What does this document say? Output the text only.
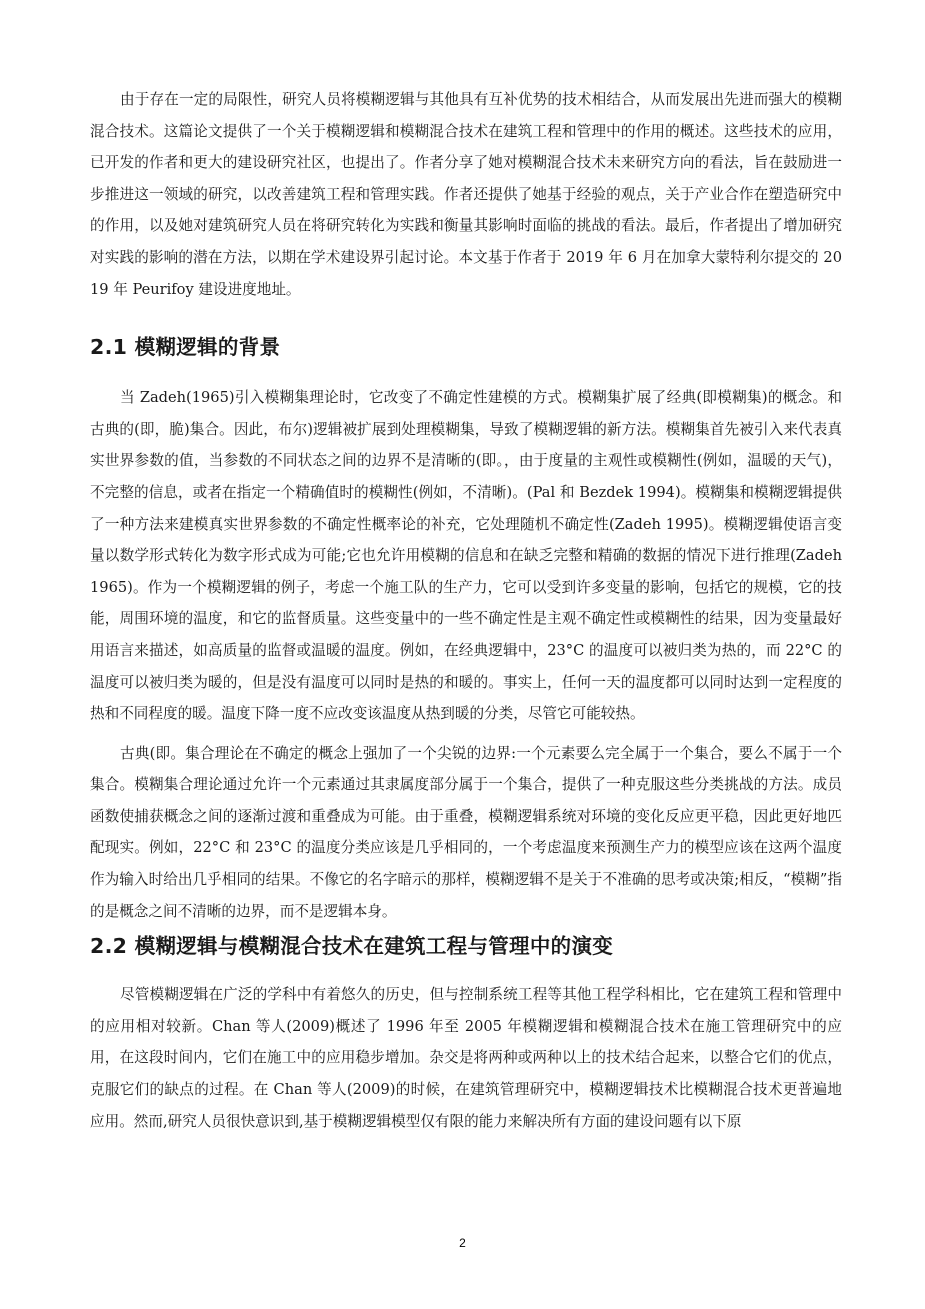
由于存在一定的局限性，研究人员将模糊逻辑与其他具有互补优势的技术相结合，从而发展出先进而强大的模糊混合技术。这篇论文提供了一个关于模糊逻辑和模糊混合技术在建筑工程和管理中的作用的概述。这些技术的应用，已开发的作者和更大的建设研究社区，也提出了。作者分享了她对模糊混合技术未来研究方向的看法，旨在鼓励进一步推进这一领域的研究，以改善建筑工程和管理实践。作者还提供了她基于经验的观点，关于产业合作在塑造研究中的作用，以及她对建筑研究人员在将研究转化为实践和衡量其影响时面临的挑战的看法。最后，作者提出了增加研究对实践的影响的潜在方法，以期在学术建设界引起讨论。本文基于作者于 2019 年 6 月在加拿大蒙特利尔提交的 2019 年 Peurifoy 建设进度地址。

2.1 模糊逻辑的背景

当 Zadeh(1965)引入模糊集理论时，它改变了不确定性建模的方式。模糊集扩展了经典(即模糊集)的概念。和古典的(即，脆)集合。因此，布尔)逻辑被扩展到处理模糊集，导致了模糊逻辑的新方法。模糊集首先被引入来代表真实世界参数的值，当参数的不同状态之间的边界不是清晰的(即。，由于度量的主观性或模糊性(例如，温暖的天气)，不完整的信息，或者在指定一个精确值时的模糊性(例如，不清晰)。(Pal 和 Bezdek 1994)。模糊集和模糊逻辑提供了一种方法来建模真实世界参数的不确定性概率论的补充，它处理随机不确定性(Zadeh 1995)。模糊逻辑使语言变量以数学形式转化为数字形式成为可能;它也允许用模糊的信息和在缺乏完整和精确的数据的情况下进行推理(Zadeh 1965)。作为一个模糊逻辑的例子，考虑一个施工队的生产力，它可以受到许多变量的影响，包括它的规模，它的技能，周围环境的温度，和它的监督质量。这些变量中的一些不确定性是主观不确定性或模糊性的结果，因为变量最好用语言来描述，如高质量的监督或温暖的温度。例如，在经典逻辑中，23°C 的温度可以被归类为热的，而 22°C 的温度可以被归类为暖的，但是没有温度可以同时是热的和暖的。事实上，任何一天的温度都可以同时达到一定程度的热和不同程度的暖。温度下降一度不应改变该温度从热到暖的分类，尽管它可能较热。

古典(即。集合理论在不确定的概念上强加了一个尖锐的边界:一个元素要么完全属于一个集合，要么不属于一个集合。模糊集合理论通过允许一个元素通过其隶属度部分属于一个集合，提供了一种克服这些分类挑战的方法。成员函数使捕获概念之间的逐渐过渡和重叠成为可能。由于重叠，模糊逻辑系统对环境的变化反应更平稳，因此更好地匹配现实。例如，22°C 和 23°C 的温度分类应该是几乎相同的，一个考虑温度来预测生产力的模型应该在这两个温度作为输入时给出几乎相同的结果。不像它的名字暗示的那样，模糊逻辑不是关于不准确的思考或决策;相反，“模糊”指的是概念之间不清晰的边界，而不是逻辑本身。

2.2 模糊逻辑与模糊混合技术在建筑工程与管理中的演变

尽管模糊逻辑在广泛的学科中有着悠久的历史，但与控制系统工程等其他工程学科相比，它在建筑工程和管理中的应用相对较新。Chan 等人(2009)概述了 1996 年至 2005 年模糊逻辑和模糊混合技术在施工管理研究中的应用，在这段时间内，它们在施工中的应用稳步增加。杂交是将两种或两种以上的技术结合起来，以整合它们的优点，克服它们的缺点的过程。在 Chan 等人(2009)的时候，在建筑管理研究中，模糊逻辑技术比模糊混合技术更普遍地应用。然而,研究人员很快意识到,基于模糊逻辑模型仅有限的能力来解决所有方面的建设问题有以下原

2
